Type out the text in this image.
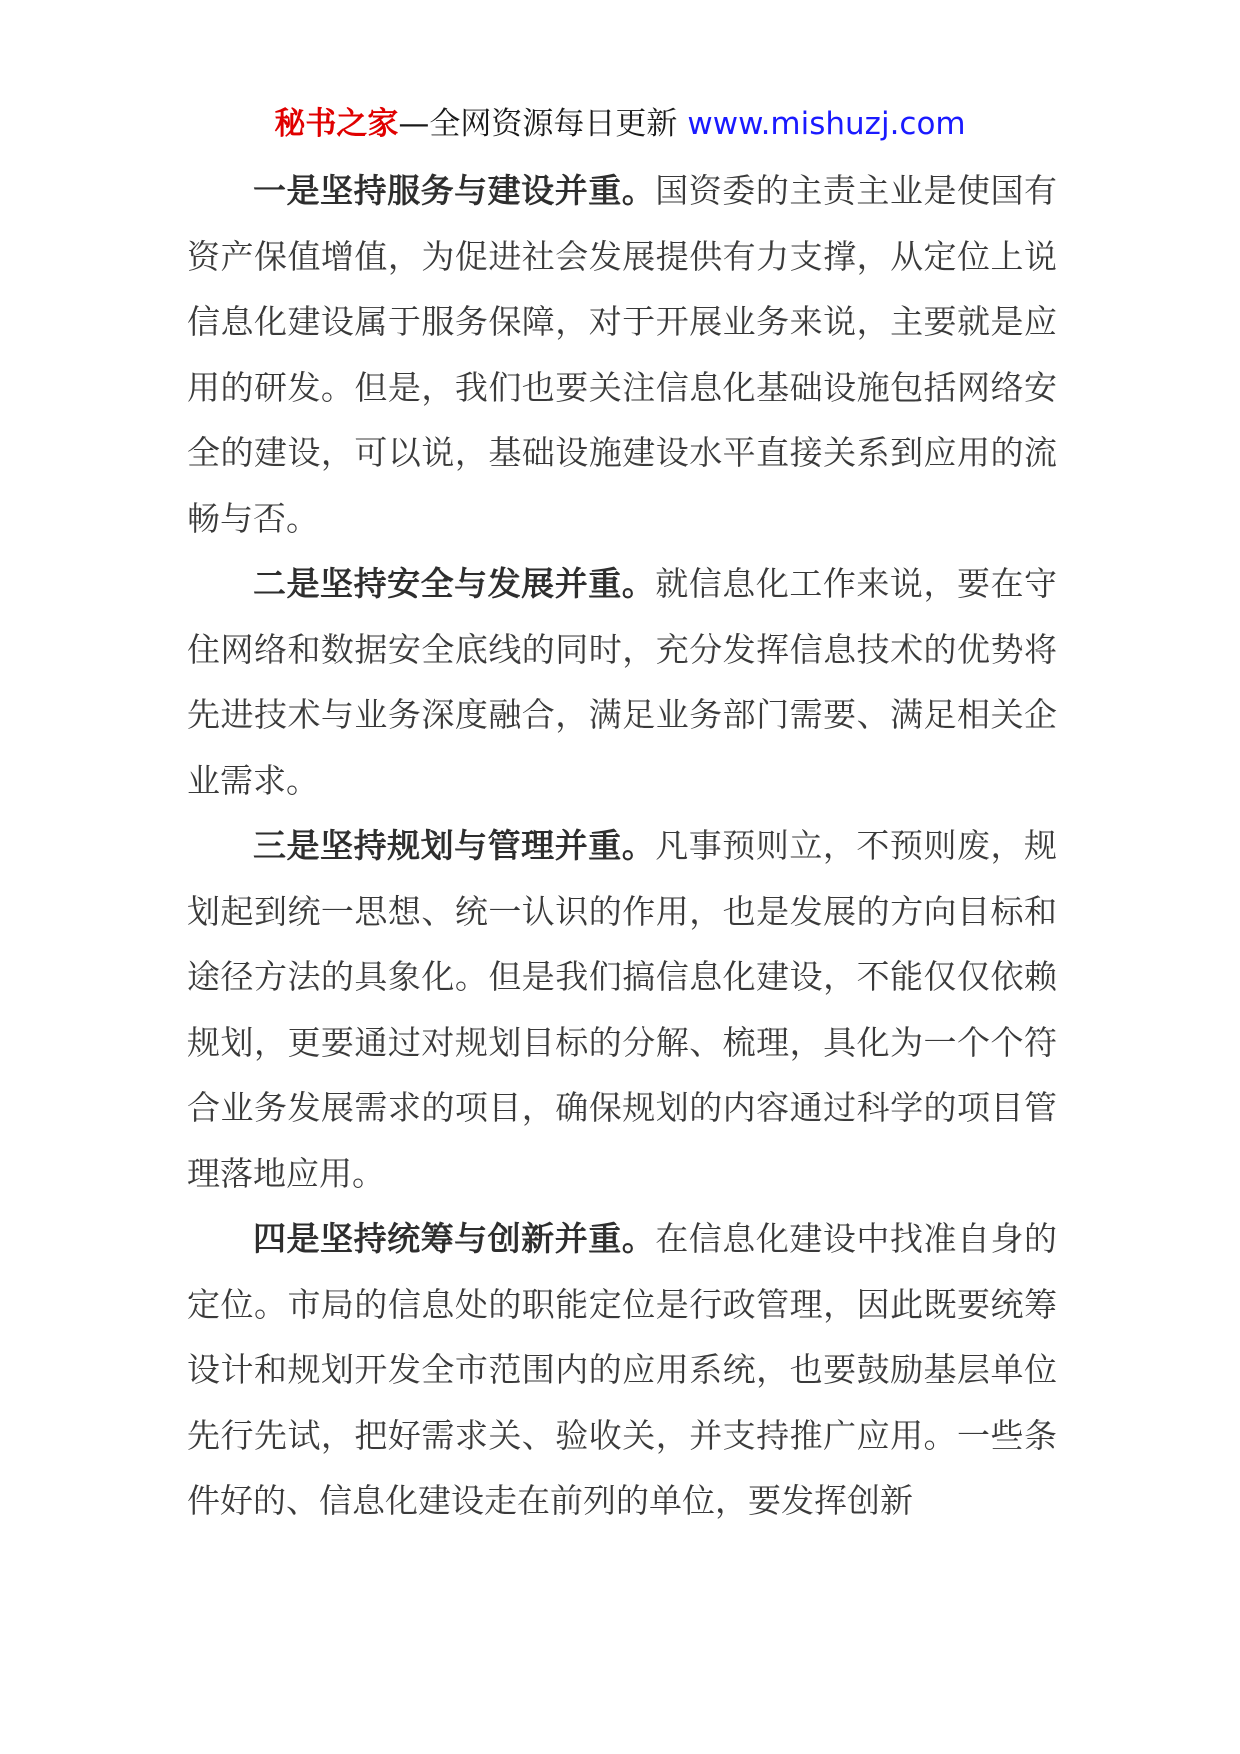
秘书之家—全网资源每日更新 www.mishuzj.com

一是坚持服务与建设并重。国资委的主责主业是使国有资产保值增值，为促进社会发展提供有力支撑，从定位上说信息化建设属于服务保障，对于开展业务来说，主要就是应用的研发。但是，我们也要关注信息化基础设施包括网络安全的建设，可以说，基础设施建设水平直接关系到应用的流畅与否。

二是坚持安全与发展并重。就信息化工作来说，要在守住网络和数据安全底线的同时，充分发挥信息技术的优势将先进技术与业务深度融合，满足业务部门需要、满足相关企业需求。

三是坚持规划与管理并重。凡事预则立，不预则废，规划起到统一思想、统一认识的作用，也是发展的方向目标和途径方法的具象化。但是我们搞信息化建设，不能仅仅依赖规划，更要通过对规划目标的分解、梳理，具化为一个个符合业务发展需求的项目，确保规划的内容通过科学的项目管理落地应用。

四是坚持统筹与创新并重。在信息化建设中找准自身的定位。市局的信息处的职能定位是行政管理，因此既要统筹设计和规划开发全市范围内的应用系统，也要鼓励基层单位先行先试，把好需求关、验收关，并支持推广应用。一些条件好的、信息化建设走在前列的单位，要发挥创新
